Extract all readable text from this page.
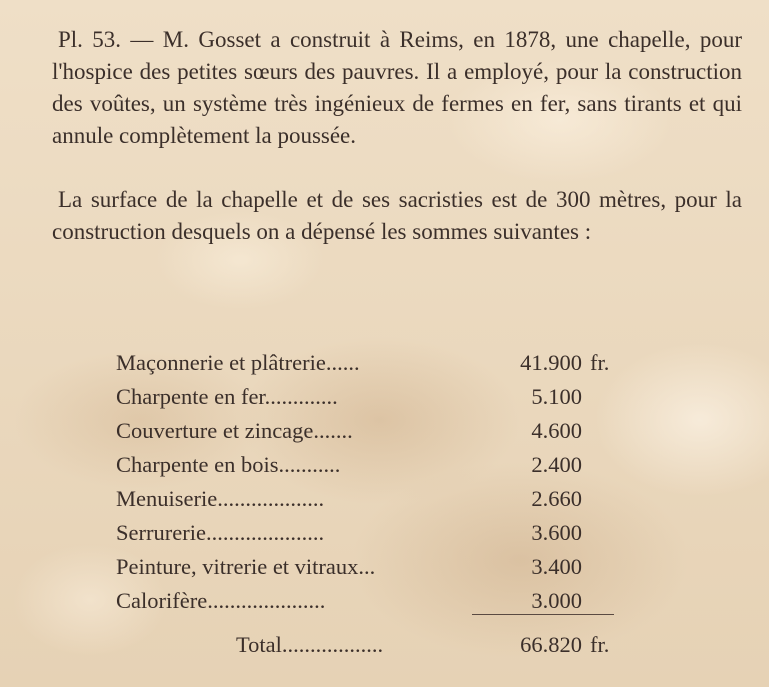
Pl. 53. — M. Gosset a construit à Reims, en 1878, une chapelle, pour l'hospice des petites sœurs des pauvres. Il a employé, pour la construction des voûtes, un système très ingénieux de fermes en fer, sans tirants et qui annule complètement la poussée.

La surface de la chapelle et de ses sacristies est de 300 mètres, pour la construction desquels on a dépensé les sommes suivantes :

Maçonnerie et plâtrerie......	41.900 fr.
Charpente en fer.............	5.100
Couverture et zincage.......	4.600
Charpente en bois...........	2.400
Menuiserie...................	2.660
Serrurerie.....................	3.600
Peinture, vitrerie et vitraux...	3.400
Calorifère.....................	3.000
Total..................	66.820 fr.
